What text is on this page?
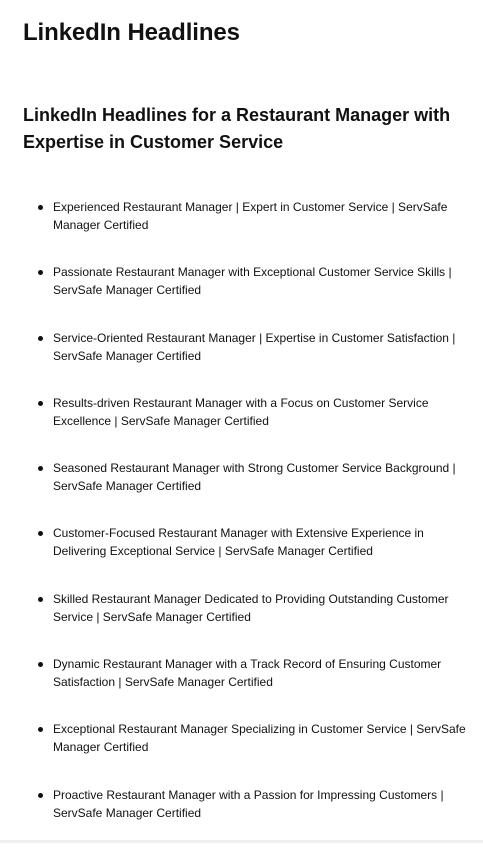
LinkedIn Headlines
LinkedIn Headlines for a Restaurant Manager with Expertise in Customer Service
Experienced Restaurant Manager | Expert in Customer Service | ServSafe Manager Certified
Passionate Restaurant Manager with Exceptional Customer Service Skills | ServSafe Manager Certified
Service-Oriented Restaurant Manager | Expertise in Customer Satisfaction | ServSafe Manager Certified
Results-driven Restaurant Manager with a Focus on Customer Service Excellence | ServSafe Manager Certified
Seasoned Restaurant Manager with Strong Customer Service Background | ServSafe Manager Certified
Customer-Focused Restaurant Manager with Extensive Experience in Delivering Exceptional Service | ServSafe Manager Certified
Skilled Restaurant Manager Dedicated to Providing Outstanding Customer Service | ServSafe Manager Certified
Dynamic Restaurant Manager with a Track Record of Ensuring Customer Satisfaction | ServSafe Manager Certified
Exceptional Restaurant Manager Specializing in Customer Service | ServSafe Manager Certified
Proactive Restaurant Manager with a Passion for Impressing Customers | ServSafe Manager Certified
